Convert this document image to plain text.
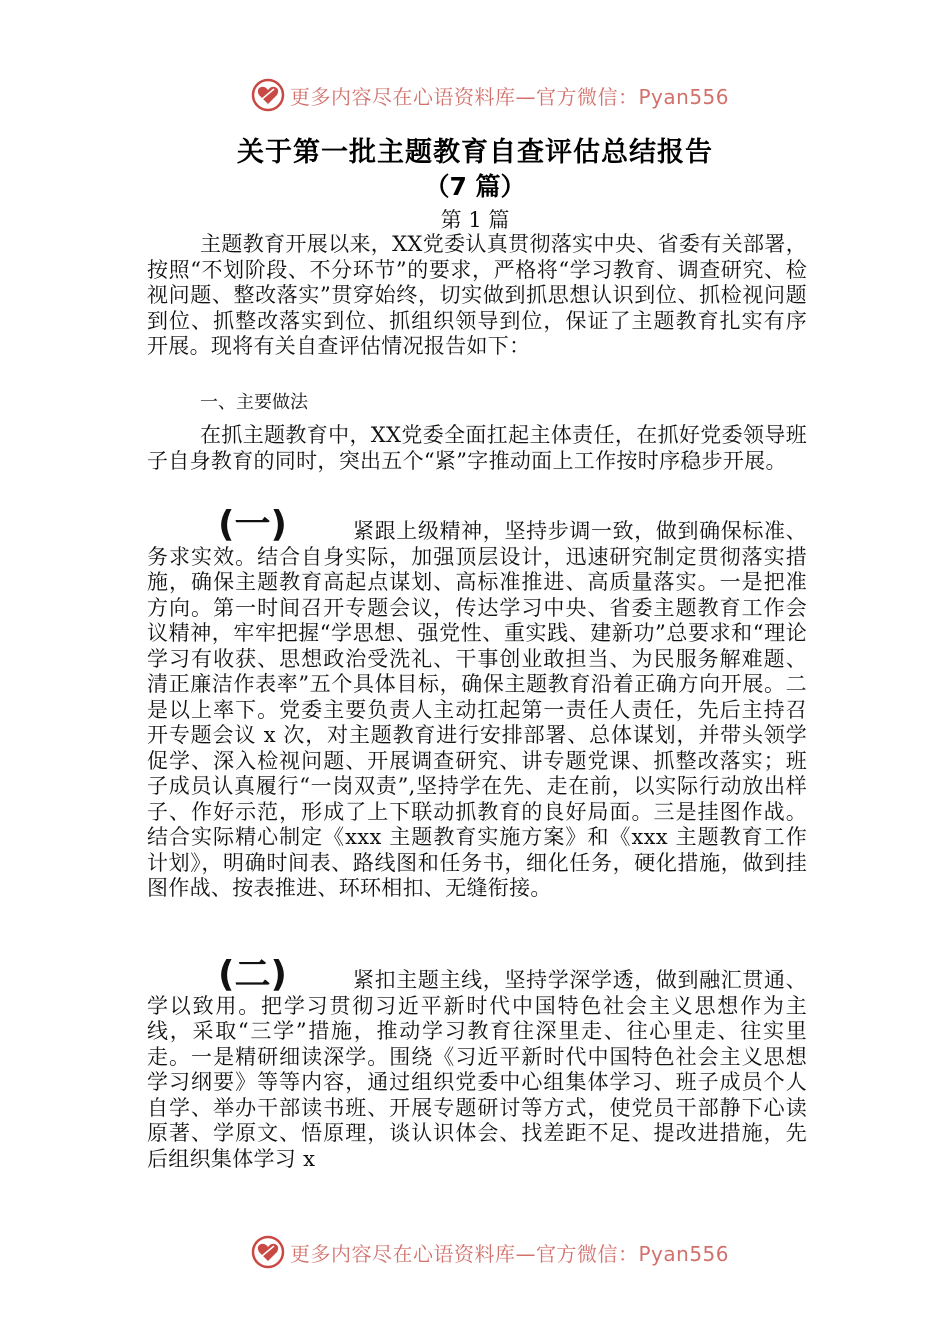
更多内容尽在心语资料库—官方微信：Pyan556
关于第一批主题教育自查评估总结报告
（7 篇）
第 1 篇

主题教育开展以来，XX党委认真贯彻落实中央、省委有关部署，按照“不划阶段、不分环节”的要求，严格将“学习教育、调查研究、检视问题、整改落实”贯穿始终，切实做到抓思想认识到位、抓检视问题到位、抓整改落实到位、抓组织领导到位，保证了主题教育扎实有序开展。现将有关自查评估情况报告如下：

一、主要做法

在抓主题教育中，XX党委全面扛起主体责任，在抓好党委领导班子自身教育的同时，突出五个“紧”字推动面上工作按时序稳步开展。

(一)	紧跟上级精神，坚持步调一致，做到确保标准、务求实效。结合自身实际，加强顶层设计，迅速研究制定贯彻落实措施，确保主题教育高起点谋划、高标准推进、高质量落实。一是把准方向。第一时间召开专题会议，传达学习中央、省委主题教育工作会议精神，牢牢把握“学思想、强党性、重实践、建新功”总要求和“理论学习有收获、思想政治受洗礼、干事创业敢担当、为民服务解难题、清正廉洁作表率”五个具体目标，确保主题教育沿着正确方向开展。二是以上率下。党委主要负责人主动扛起第一责任人责任，先后主持召开专题会议 x 次，对主题教育进行安排部署、总体谋划，并带头领学促学、深入检视问题、开展调查研究、讲专题党课、抓整改落实；班子成员认真履行“一岗双责”,坚持学在先、走在前，以实际行动放出样子、作好示范，形成了上下联动抓教育的良好局面。三是挂图作战。结合实际精心制定《xxx 主题教育实施方案》和《xxx 主题教育工作计划》，明确时间表、路线图和任务书，细化任务，硬化措施，做到挂图作战、按表推进、环环相扣、无缝衔接。

(二)	紧扣主题主线，坚持学深学透，做到融汇贯通、学以致用。把学习贯彻习近平新时代中国特色社会主义思想作为主线，采取“三学”措施，推动学习教育往深里走、往心里走、往实里走。一是精研细读深学。围绕《习近平新时代中国特色社会主义思想学习纲要》等等内容，通过组织党委中心组集体学习、班子成员个人自学、举办干部读书班、开展专题研讨等方式，使党员干部静下心读原著、学原文、悟原理，谈认识体会、找差距不足、提改进措施，先后组织集体学习 x

更多内容尽在心语资料库—官方微信：Pyan556
